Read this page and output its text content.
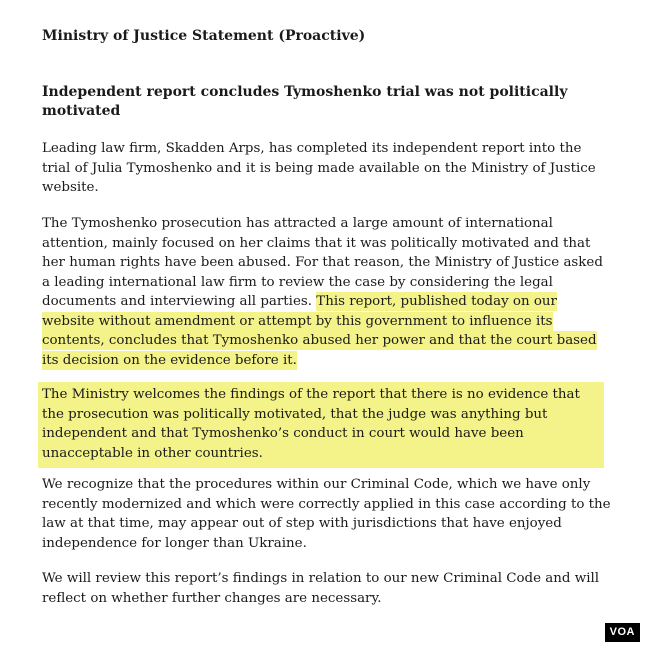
Ministry of Justice Statement (Proactive)
Independent report concludes Tymoshenko trial was not politically motivated

Leading law firm, Skadden Arps, has completed its independent report into the trial of Julia Tymoshenko and it is being made available on the Ministry of Justice website.

The Tymoshenko prosecution has attracted a large amount of international attention, mainly focused on her claims that it was politically motivated and that her human rights have been abused. For that reason, the Ministry of Justice asked a leading international law firm to review the case by considering the legal documents and interviewing all parties. This report, published today on our website without amendment or attempt by this government to influence its contents, concludes that Tymoshenko abused her power and that the court based its decision on the evidence before it.

The Ministry welcomes the findings of the report that there is no evidence that the prosecution was politically motivated, that the judge was anything but independent and that Tymoshenko’s conduct in court would have been unacceptable in other countries.

We recognize that the procedures within our Criminal Code, which we have only recently modernized and which were correctly applied in this case according to the law at that time, may appear out of step with jurisdictions that have enjoyed independence for longer than Ukraine.

We will review this report’s findings in relation to our new Criminal Code and will reflect on whether further changes are necessary.

VOA
